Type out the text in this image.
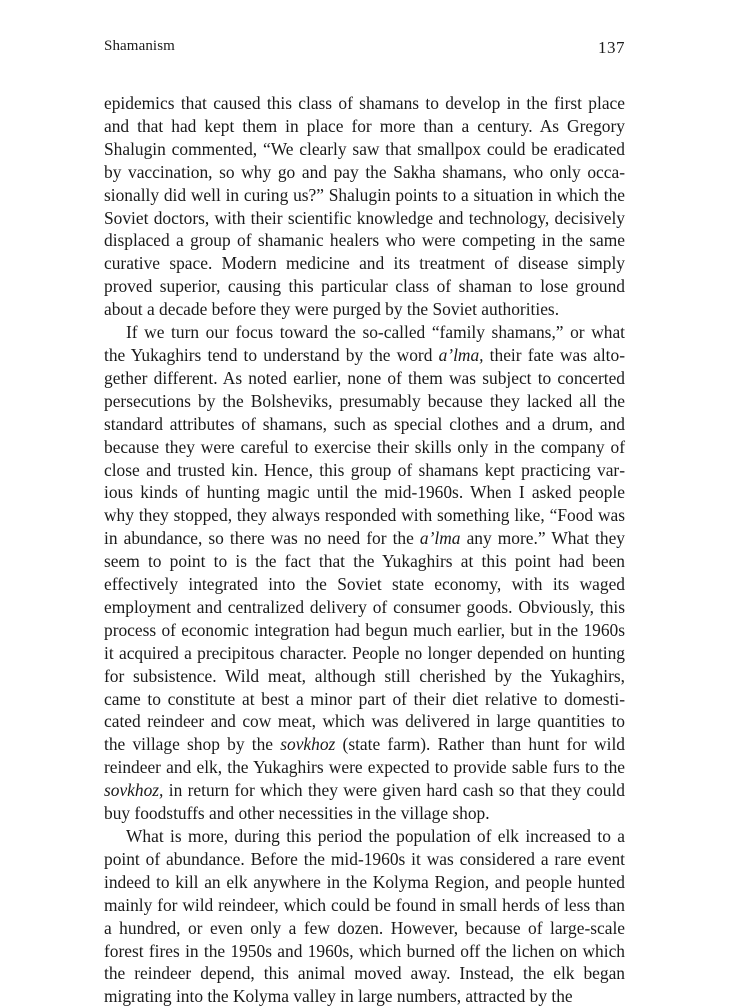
Shamanism	137

epidemics that caused this class of shamans to develop in the first place and that had kept them in place for more than a century. As Gregory Shalugin commented, “We clearly saw that smallpox could be eradicated by vaccination, so why go and pay the Sakha shamans, who only occasionally did well in curing us?” Shalugin points to a situation in which the Soviet doctors, with their scientific knowledge and technology, decisively displaced a group of shamanic healers who were competing in the same curative space. Modern medicine and its treatment of disease simply proved superior, causing this particular class of shaman to lose ground about a decade before they were purged by the Soviet authorities.

If we turn our focus toward the so-called “family shamans,” or what the Yukaghirs tend to understand by the word a’lma, their fate was altogether different. As noted earlier, none of them was subject to concerted persecutions by the Bolsheviks, presumably because they lacked all the standard attributes of shamans, such as special clothes and a drum, and because they were careful to exercise their skills only in the company of close and trusted kin. Hence, this group of shamans kept practicing various kinds of hunting magic until the mid-1960s. When I asked people why they stopped, they always responded with something like, “Food was in abundance, so there was no need for the a’lma any more.” What they seem to point to is the fact that the Yukaghirs at this point had been effectively integrated into the Soviet state economy, with its waged employment and centralized delivery of consumer goods. Obviously, this process of economic integration had begun much earlier, but in the 1960s it acquired a precipitous character. People no longer depended on hunting for subsistence. Wild meat, although still cherished by the Yukaghirs, came to constitute at best a minor part of their diet relative to domesticated reindeer and cow meat, which was delivered in large quantities to the village shop by the sovkhoz (state farm). Rather than hunt for wild reindeer and elk, the Yukaghirs were expected to provide sable furs to the sovkhoz, in return for which they were given hard cash so that they could buy foodstuffs and other necessities in the village shop.

What is more, during this period the population of elk increased to a point of abundance. Before the mid-1960s it was considered a rare event indeed to kill an elk anywhere in the Kolyma Region, and people hunted mainly for wild reindeer, which could be found in small herds of less than a hundred, or even only a few dozen. However, because of large-scale forest fires in the 1950s and 1960s, which burned off the lichen on which the reindeer depend, this animal moved away. Instead, the elk began migrating into the Kolyma valley in large numbers, attracted by the
